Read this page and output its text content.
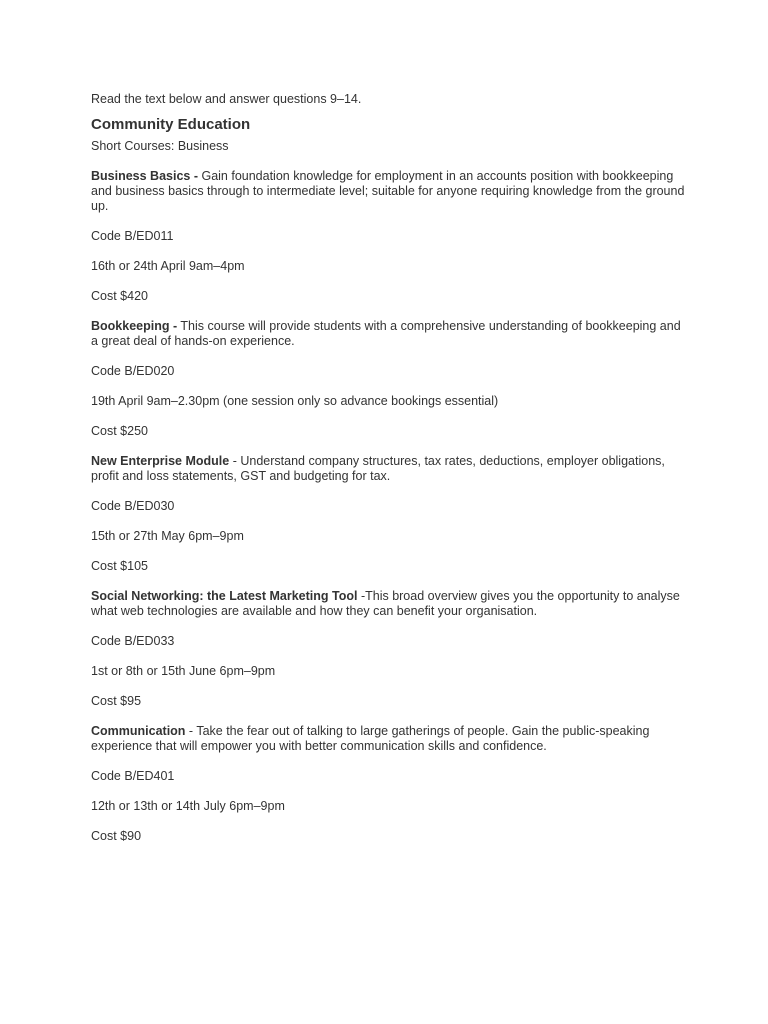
Read the text below and answer questions 9–14.

Community Education

Short Courses: Business

Business Basics - Gain foundation knowledge for employment in an accounts position with bookkeeping and business basics through to intermediate level; suitable for anyone requiring knowledge from the ground up.

Code B/ED011

16th or 24th April 9am–4pm

Cost $420

Bookkeeping - This course will provide students with a comprehensive understanding of bookkeeping and a great deal of hands-on experience.

Code B/ED020

19th April 9am–2.30pm (one session only so advance bookings essential)

Cost $250

New Enterprise Module - Understand company structures, tax rates, deductions, employer obligations, profit and loss statements, GST and budgeting for tax.

Code B/ED030

15th or 27th May 6pm–9pm

Cost $105

Social Networking: the Latest Marketing Tool -This broad overview gives you the opportunity to analyse what web technologies are available and how they can benefit your organisation.

Code B/ED033

1st or 8th or 15th June 6pm–9pm

Cost $95

Communication - Take the fear out of talking to large gatherings of people. Gain the public-speaking experience that will empower you with better communication skills and confidence.

Code B/ED401

12th or 13th or 14th July 6pm–9pm

Cost $90
